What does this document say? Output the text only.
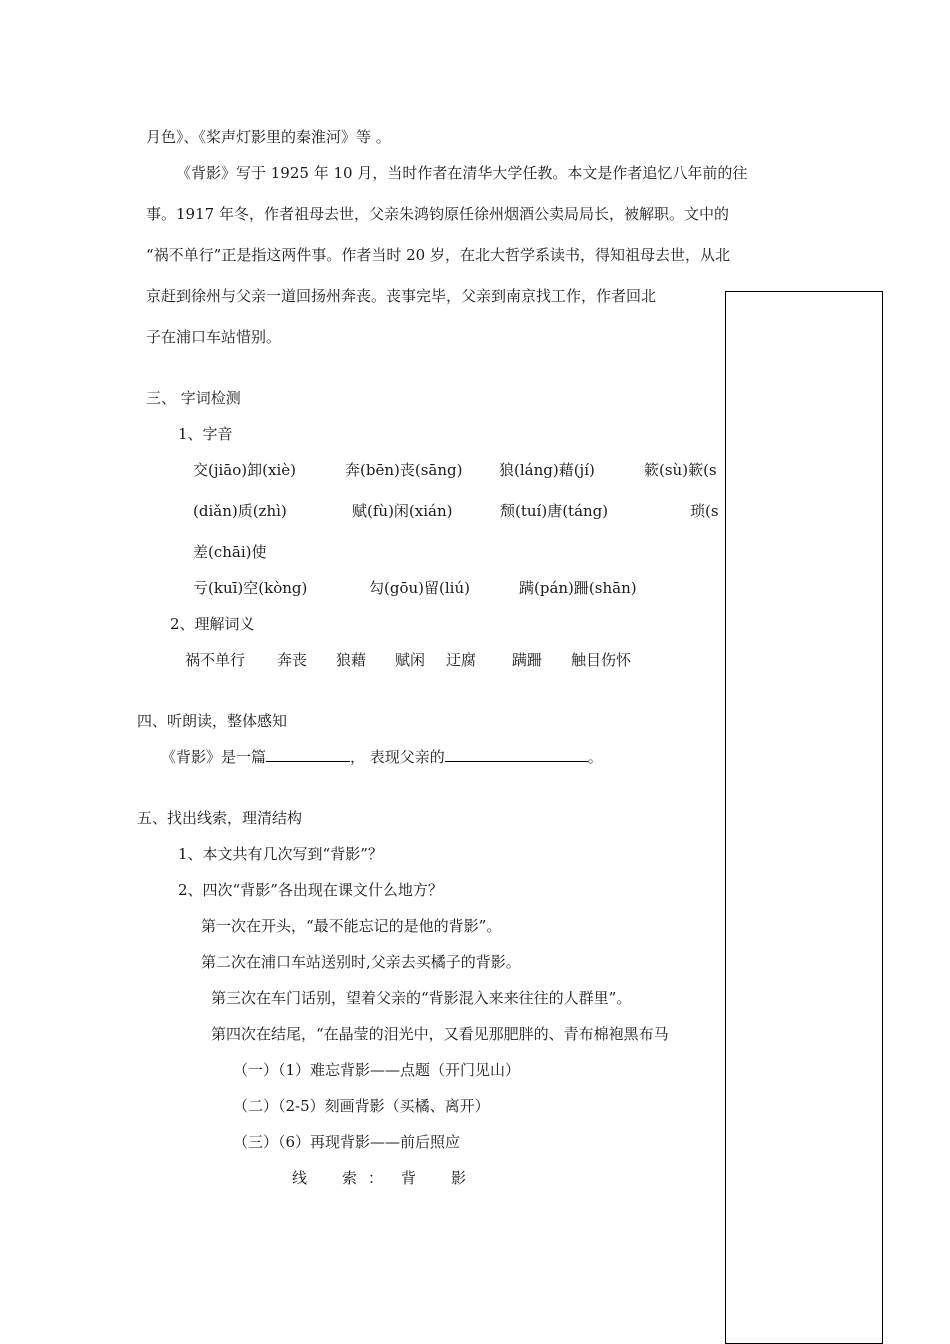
月色》、《桨声灯影里的秦淮河》等 。
《背影》写于 1925 年 10 月，当时作者在清华大学任教。本文是作者追忆八年前的往
事。1917 年冬，作者祖母去世，父亲朱鸿钧原任徐州烟酒公卖局局长，被解职。文中的
“祸不单行”正是指这两件事。作者当时 20 岁，在北大哲学系读书，得知祖母去世，从北
京赶到徐州与父亲一道回扬州奔丧。丧事完毕，父亲到南京找工作，作者回北
子在浦口车站惜别。
三、 字词检测
1、字音
交(jiāo)卸(xiè)	奔(bēn)丧(sāng) 狼(láng)藉(jí)	簌(sù)簌(s
(diǎn)质(zhì)	赋(fù)闲(xián)	颓(tuí)唐(táng)	琐(s
差(chāi)使
亏(kuī)空(kòng)	勾(gōu)留(liú)	蹒(pán)跚(shān)
2、理解词义
祸不单行 奔丧 狼藉 赋闲 迂腐 蹒跚 触目伤怀
四、听朗读，整体感知
《背影》是一篇	， 表现父亲的	。
五、找出线索，理清结构
1、本文共有几次写到“背影”？
2、四次“背影”各出现在课文什么地方？
第一次在开头，“最不能忘记的是他的背影”。
第二次在浦口车站送别时,父亲去买橘子的背影。
第三次在车门话别，望着父亲的“背影混入来来往往的人群里”。
第四次在结尾，“在晶莹的泪光中，又看见那肥胖的、青布棉袍黑布马
（一）（1）难忘背影——点题（开门见山）
（二）（2-5）刻画背影（买橘、离开）
（三）（6）再现背影——前后照应
线 索 ： 背 影
